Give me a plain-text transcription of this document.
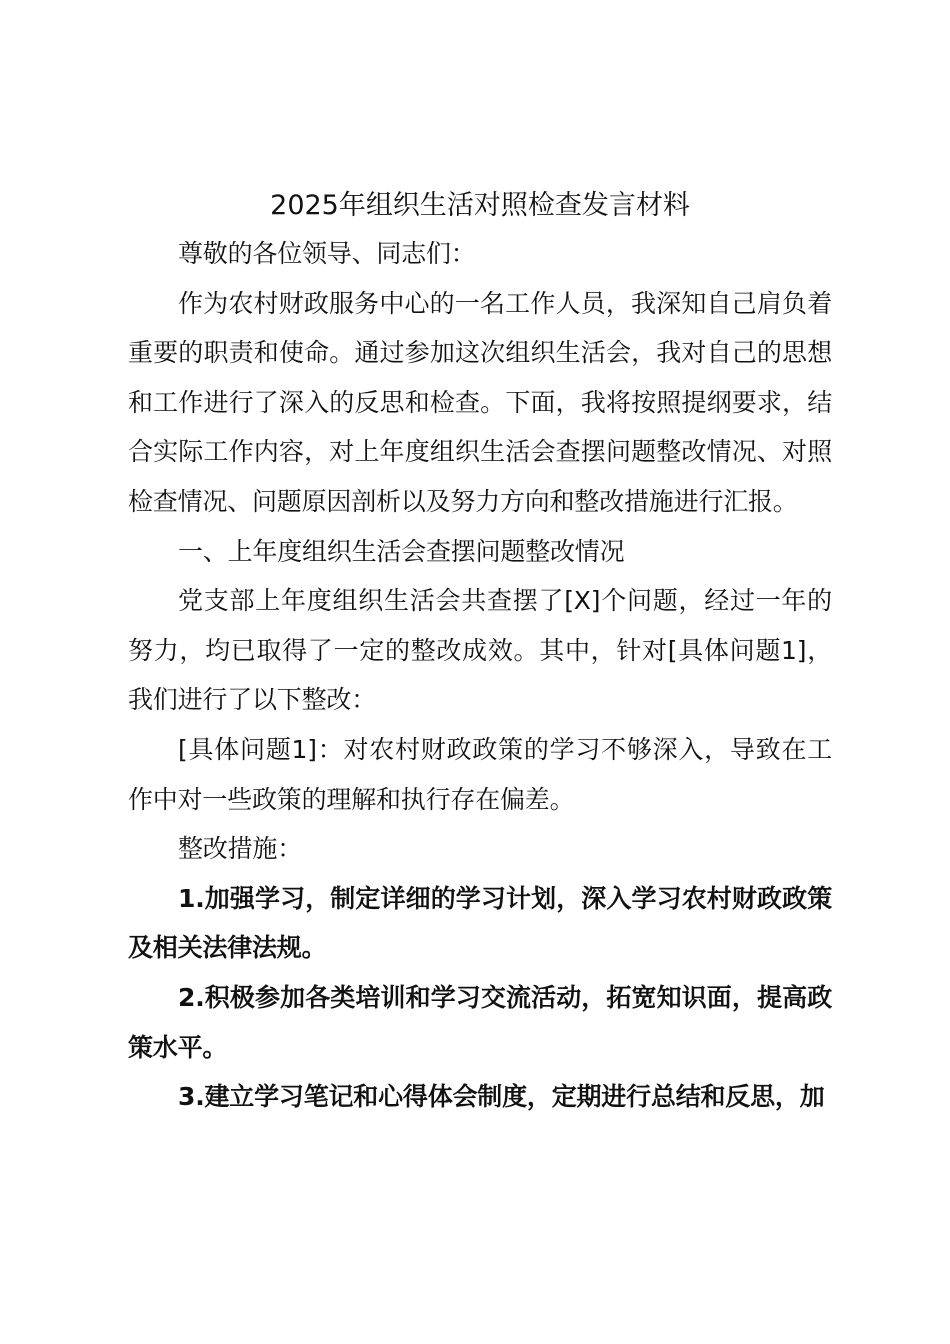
2025年组织生活对照检查发言材料

尊敬的各位领导、同志们：

作为农村财政服务中心的一名工作人员，我深知自己肩负着重要的职责和使命。通过参加这次组织生活会，我对自己的思想和工作进行了深入的反思和检查。下面，我将按照提纲要求，结合实际工作内容，对上年度组织生活会查摆问题整改情况、对照检查情况、问题原因剖析以及努力方向和整改措施进行汇报。

一、上年度组织生活会查摆问题整改情况

党支部上年度组织生活会共查摆了[X]个问题，经过一年的努力，均已取得了一定的整改成效。其中，针对[具体问题1]，我们进行了以下整改：

[具体问题1]：对农村财政政策的学习不够深入，导致在工作中对一些政策的理解和执行存在偏差。

整改措施：

1.加强学习，制定详细的学习计划，深入学习农村财政政策及相关法律法规。

2.积极参加各类培训和学习交流活动，拓宽知识面，提高政策水平。

3.建立学习笔记和心得体会制度，定期进行总结和反思，加
